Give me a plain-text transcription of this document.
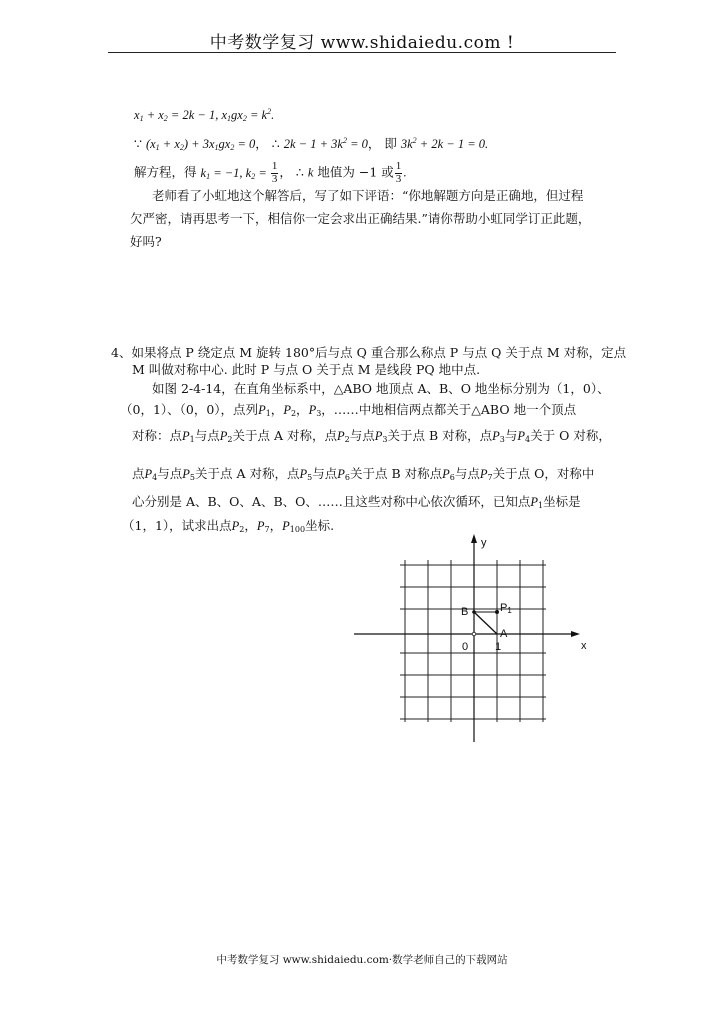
中考数学复习 www.shidaiedu.com !
$x_1 + x_2 = 2k - 1$, $x_1gx_2 = k^2$.
∵ $(x_1 + x_2) + 3x_1gx_2 = 0$， ∴ $2k - 1 + 3k^2 = 0$， 即 $3k^2 + 2k - 1 = 0$.
解方程，得 $k_1 = -1$, $k_2 = \frac{1}{3}$ ， ∴ k 地值为 −1 或 $\frac{1}{3}$ .
老师看了小虹地这个解答后，写了如下评语：“你地解题方向是正确地，但过程
欠严密，请再思考一下，相信你一定会求出正确结果.”请你帮助小虹同学订正此题，
好吗?
4、如果将点 P 绕定点 M 旋转 180°后与点 Q 重合那么称点 P 与点 Q 关于点 M 对称，定点
M 叫做对称中心. 此时 P 与点 O 关于点 M 是线段 PQ 地中点.
如图 2-4-14，在直角坐标系中，△ABO 地顶点 A、B、O 地坐标分别为（1，0）、
（0，1）、（0，0），点列$P_1$，$P_2$，$P_3$，……中地相信两点都关于△ABO 地一个顶点
对称：点$P_1$与点$P_2$关于点 A 对称，点$P_2$与点$P_3$关于点 B 对称，点$P_3$与$P_4$关于 O 对称，
点$P_4$与点$P_5$关于点 A 对称，点$P_5$与点$P_6$关于点 B 对称点$P_6$与点$P_7$关于点 O，对称中
心分别是 A、B、O、A、B、O、……且这些对称中心依次循环，已知点$P_1$坐标是
（1，1），试求出点$P_2$，$P_7$，$P_{100}$坐标.
y
x
B
A
0 1
P1
中考数学复习 www.shidaiedu.com·数学老师自己的下载网站
